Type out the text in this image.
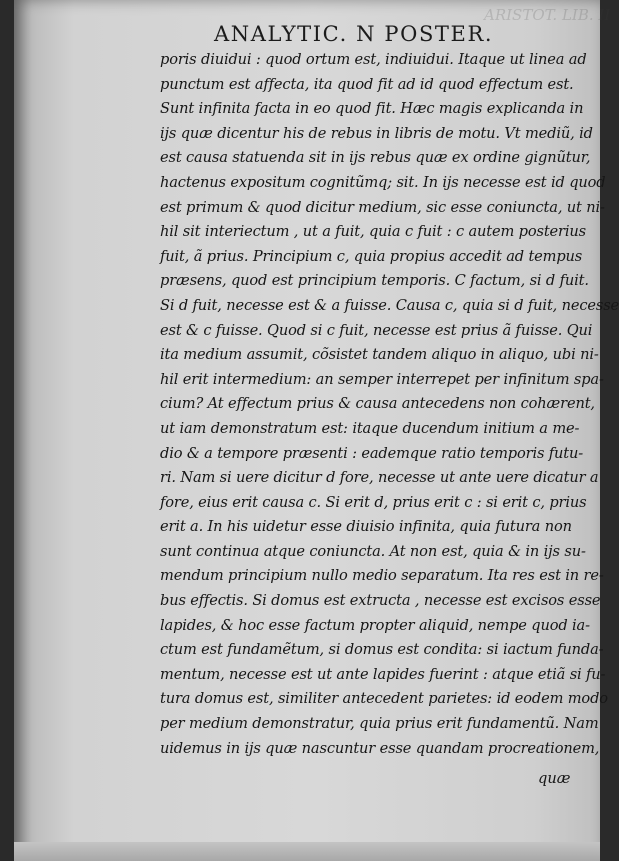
ARISTOT. LIB. II
ANALYTIC. N POSTER.
poris diuidui : quod ortum est, indiuidui. Itaque ut linea ad
punctum est affecta, ita quod fit ad id quod effectum est.
Sunt infinita facta in eo quod fit. Hæc magis explicanda in
ijs quæ dicentur his de rebus in libris de motu. Vt mediũ, id
est causa statuenda sit in ijs rebus quæ ex ordine gignũtur,
hactenus expositum cognitũmq; sit. In ijs necesse est id quod
est primum & quod dicitur medium, sic esse coniuncta, ut ni-
hil sit interiectum , ut a fuit, quia c fuit : c autem posterius
fuit, ã prius. Principium c, quia propius accedit ad tempus
præsens, quod est principium temporis. C factum, si d fuit.
Si d fuit, necesse est & a fuisse. Causa c, quia si d fuit, necesse
est & c fuisse. Quod si c fuit, necesse est prius ã fuisse. Qui
ita medium assumit, cõsistet tandem aliquo in aliquo, ubi ni-
hil erit intermedium: an semper interrepet per infinitum spa-
cium? At effectum prius & causa antecedens non cohærent,
ut iam demonstratum est: itaque ducendum initium a me-
dio & a tempore præsenti : eademque ratio temporis futu-
ri. Nam si uere dicitur d fore, necesse ut ante uere dicatur a
fore, eius erit causa c. Si erit d, prius erit c : si erit c, prius
erit a. In his uidetur esse diuisio infinita, quia futura non
sunt continua atque coniuncta. At non est, quia & in ijs su-
mendum principium nullo medio separatum. Ita res est in re-
bus effectis. Si domus est extructa , necesse est excisos esse
lapides, & hoc esse factum propter aliquid, nempe quod ia-
ctum est fundamẽtum, si domus est condita: si iactum funda-
mentum, necesse est ut ante lapides fuerint : atque etiã si fu-
tura domus est, similiter antecedent parietes: id eodem modo
per medium demonstratur, quia prius erit fundamentũ. Nam
uidemus in ijs quæ nascuntur esse quandam procreationem,
quæ
